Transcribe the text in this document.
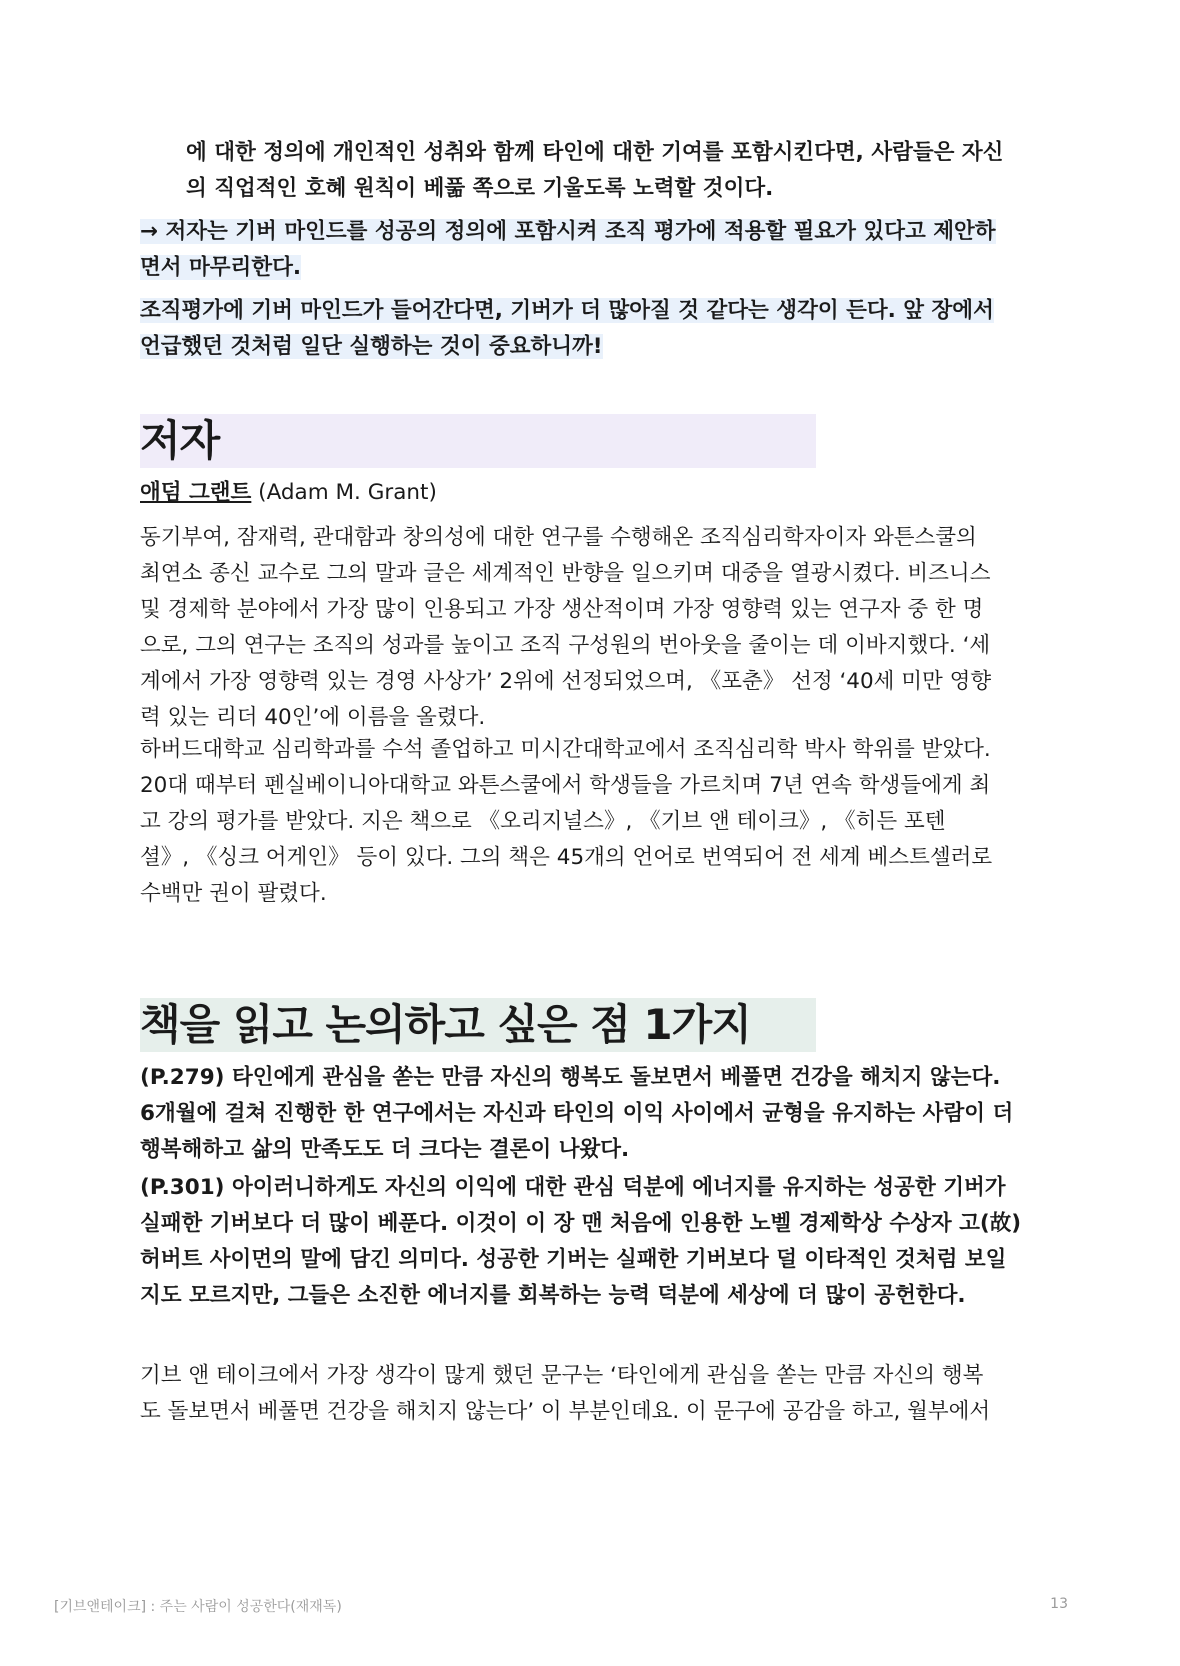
에 대한 정의에 개인적인 성취와 함께 타인에 대한 기여를 포함시킨다면, 사람들은 자신

의 직업적인 호혜 원칙이 베풂 쪽으로 기울도록 노력할 것이다.

→ 저자는 기버 마인드를 성공의 정의에 포함시켜 조직 평가에 적용할 필요가 있다고 제안하

면서 마무리한다.

조직평가에 기버 마인드가 들어간다면, 기버가 더 많아질 것 같다는 생각이 든다. 앞 장에서

언급했던 것처럼 일단 실행하는 것이 중요하니까!

저자

애덤 그랜트 (Adam M. Grant)

동기부여, 잠재력, 관대함과 창의성에 대한 연구를 수행해온 조직심리학자이자 와튼스쿨의

최연소 종신 교수로 그의 말과 글은 세계적인 반향을 일으키며 대중을 열광시켰다. 비즈니스

및 경제학 분야에서 가장 많이 인용되고 가장 생산적이며 가장 영향력 있는 연구자 중 한 명

으로, 그의 연구는 조직의 성과를 높이고 조직 구성원의 번아웃을 줄이는 데 이바지했다. ‘세

계에서 가장 영향력 있는 경영 사상가’ 2위에 선정되었으며, 《포춘》 선정 ‘40세 미만 영향

력 있는 리더 40인’에 이름을 올렸다.

하버드대학교 심리학과를 수석 졸업하고 미시간대학교에서 조직심리학 박사 학위를 받았다.

20대 때부터 펜실베이니아대학교 와튼스쿨에서 학생들을 가르치며 7년 연속 학생들에게 최

고 강의 평가를 받았다. 지은 책으로 《오리지널스》, 《기브 앤 테이크》, 《히든 포텐

셜》, 《싱크 어게인》 등이 있다. 그의 책은 45개의 언어로 번역되어 전 세계 베스트셀러로

수백만 권이 팔렸다.

책을 읽고 논의하고 싶은 점 1가지

(P.279) 타인에게 관심을 쏟는 만큼 자신의 행복도 돌보면서 베풀면 건강을 해치지 않는다.

6개월에 걸쳐 진행한 한 연구에서는 자신과 타인의 이익 사이에서 균형을 유지하는 사람이 더

행복해하고 삶의 만족도도 더 크다는 결론이 나왔다.

(P.301) 아이러니하게도 자신의 이익에 대한 관심 덕분에 에너지를 유지하는 성공한 기버가

실패한 기버보다 더 많이 베푼다. 이것이 이 장 맨 처음에 인용한 노벨 경제학상 수상자 고(故)

허버트 사이먼의 말에 담긴 의미다. 성공한 기버는 실패한 기버보다 덜 이타적인 것처럼 보일

지도 모르지만, 그들은 소진한 에너지를 회복하는 능력 덕분에 세상에 더 많이 공헌한다.

기브 앤 테이크에서 가장 생각이 많게 했던 문구는 ‘타인에게 관심을 쏟는 만큼 자신의 행복

도 돌보면서 베풀면 건강을 해치지 않는다’ 이 부분인데요. 이 문구에 공감을 하고, 월부에서

[기브앤테이크] : 주는 사람이 성공한다(재재독)	13
